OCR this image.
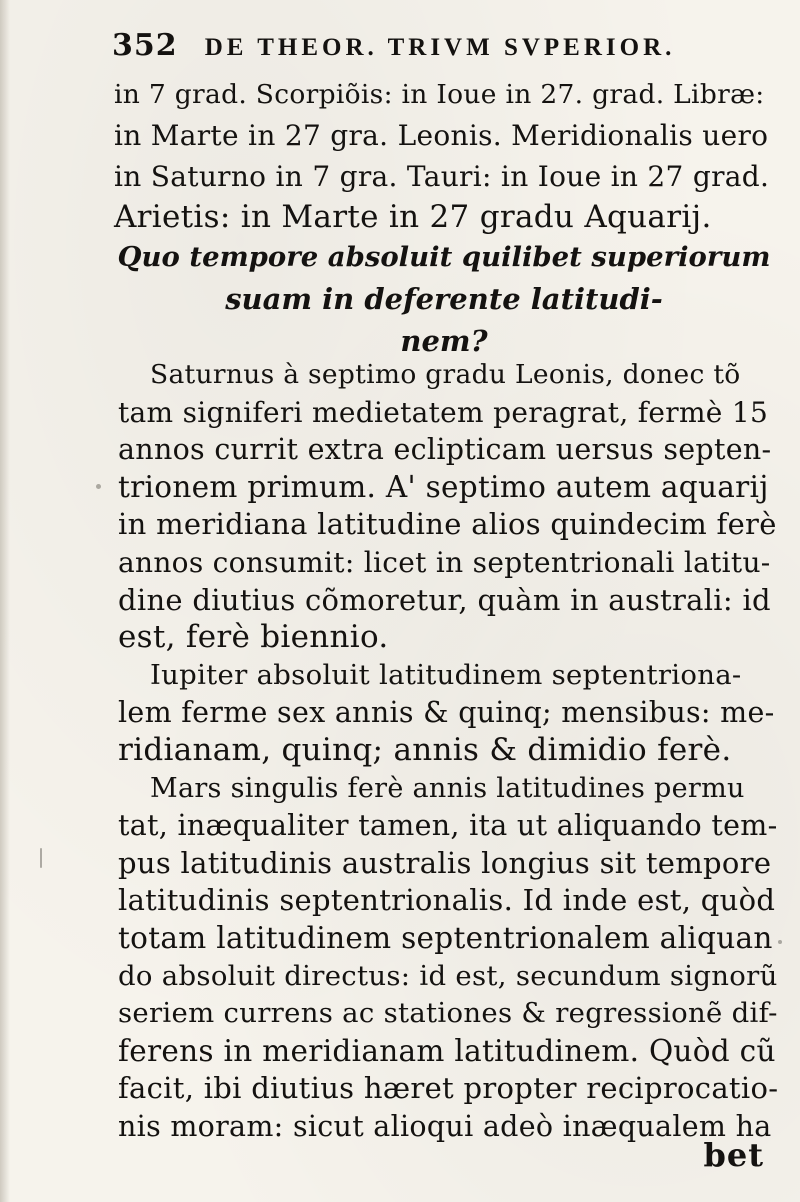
352 DE THEOR. TRIVM SVPERIOR.
in 7 grad. Scorpiõis: in Ioue in 27. grad. Libræ:
in Marte in 27 gra. Leonis. Meridionalis uero
in Saturno in 7 gra. Tauri: in Ioue in 27 grad.
Arietis: in Marte in 27 gradu Aquarij.
Quo tempore absoluit quilibet superiorum
suam in deferente latitudi-
nem?
Saturnus à septimo gradu Leonis, donec tõ
tam signiferi medietatem peragrat, fermè 15
annos currit extra eclipticam uersus septen-
trionem primum. A' septimo autem aquarij
in meridiana latitudine alios quindecim ferè
annos consumit: licet in septentrionali latitu-
dine diutius cõmoretur, quàm in australi: id
est, ferè biennio.
Iupiter absoluit latitudinem septentriona-
lem ferme sex annis & quinq; mensibus: me-
ridianam, quinq; annis & dimidio ferè.
Mars singulis ferè annis latitudines permu
tat, inæqualiter tamen, ita ut aliquando tem-
pus latitudinis australis longius sit tempore
latitudinis septentrionalis. Id inde est, quòd
totam latitudinem septentrionalem aliquan
do absoluit directus: id est, secundum signorũ
seriem currens ac stationes & regressionẽ dif-
ferens in meridianam latitudinem. Quòd cũ
facit, ibi diutius hæret propter reciprocatio-
nis moram: sicut alioqui adeò inæqualem ha
bet
